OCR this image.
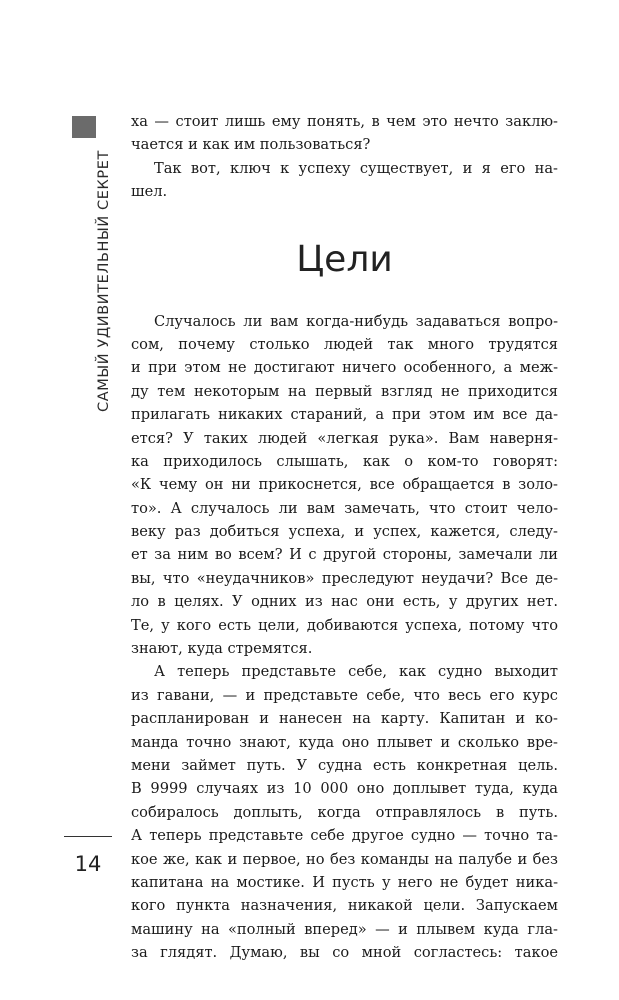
САМЫЙ УДИВИТЕЛЬНЫЙ СЕКРЕТ
14
ха — стоит лишь ему понять, в чем это нечто заклю-
чается и как им пользоваться?
Так вот, ключ к успеху существует, и я его на-
шел.
Цели
Случалось ли вам когда-нибудь задаваться вопро-
сом, почему столько людей так много трудятся
и при этом не достигают ничего особенного, а меж-
ду тем некоторым на первый взгляд не приходится
прилагать никаких стараний, а при этом им все да-
ется? У таких людей «легкая рука». Вам наверня-
ка приходилось слышать, как о ком-то говорят:
«К чему он ни прикоснется, все обращается в золо-
то». А случалось ли вам замечать, что стоит чело-
веку раз добиться успеха, и успех, кажется, следу-
ет за ним во всем? И с другой стороны, замечали ли
вы, что «неудачников» преследуют неудачи? Все де-
ло в целях. У одних из нас они есть, у других нет.
Те, у кого есть цели, добиваются успеха, потому что
знают, куда стремятся.
А теперь представьте себе, как судно выходит
из гавани, — и представьте себе, что весь его курс
распланирован и нанесен на карту. Капитан и ко-
манда точно знают, куда оно плывет и сколько вре-
мени займет путь. У судна есть конкретная цель.
В 9999 случаях из 10 000 оно доплывет туда, куда
собиралось доплыть, когда отправлялось в путь.
А теперь представьте себе другое судно — точно та-
кое же, как и первое, но без команды на палубе и без
капитана на мостике. И пусть у него не будет ника-
кого пункта назначения, никакой цели. Запускаем
машину на «полный вперед» — и плывем куда гла-
за глядят. Думаю, вы со мной согластесь: такое
